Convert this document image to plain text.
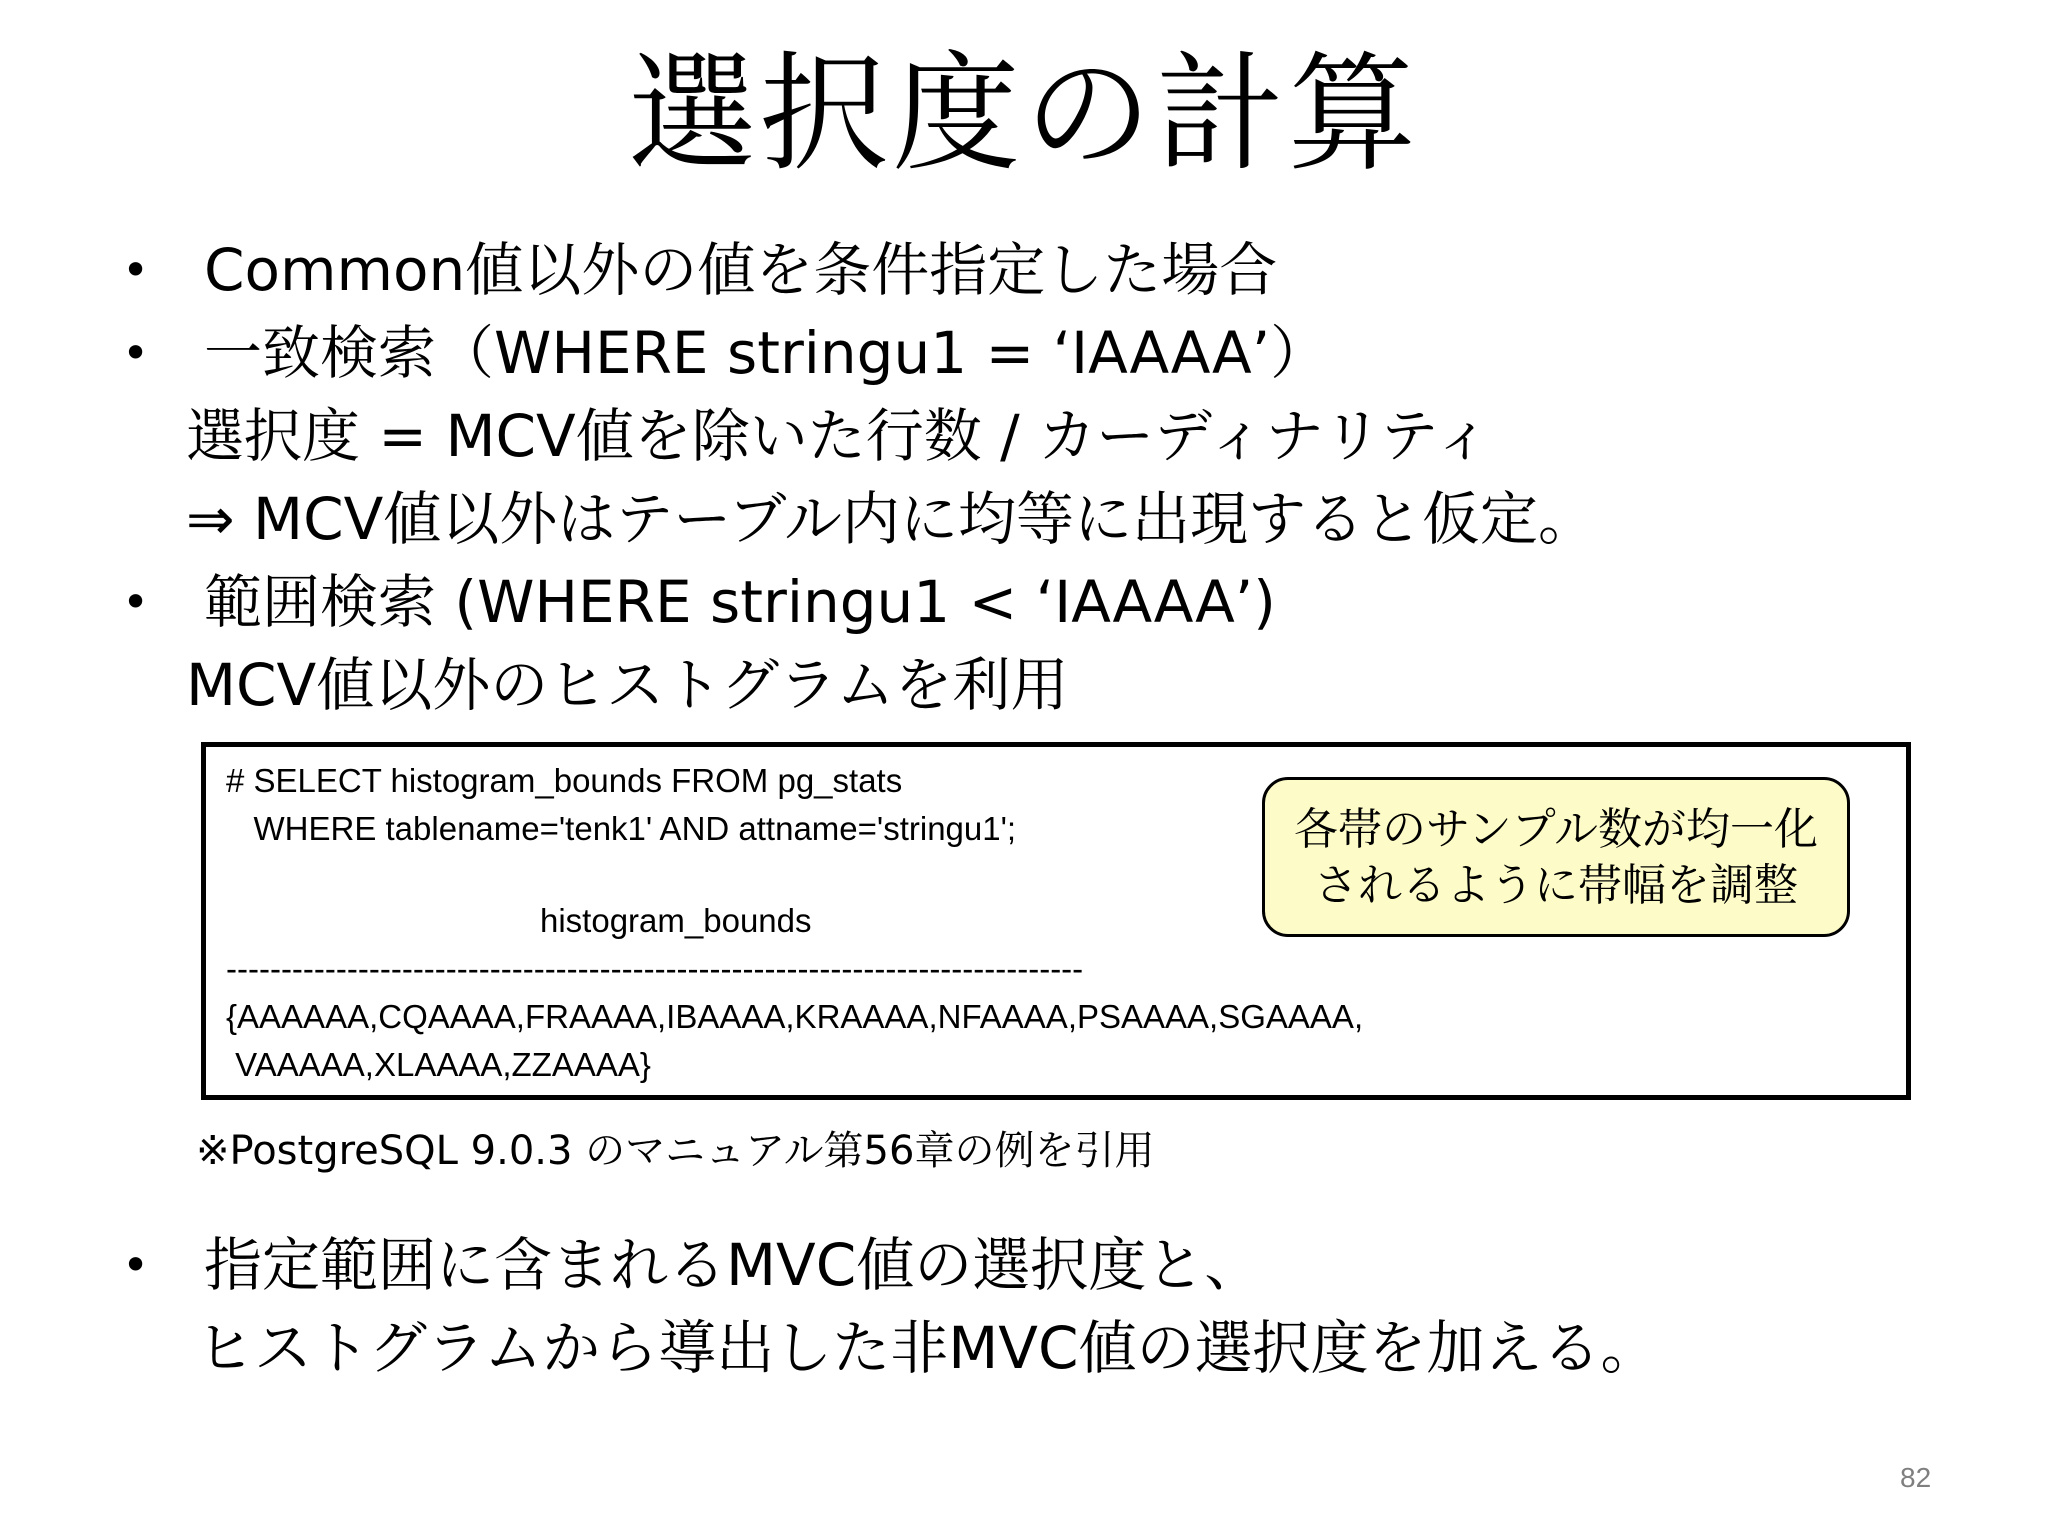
選択度の計算
• Common値以外の値を条件指定した場合
• 一致検索（WHERE stringu1 = ‘IAAAA’）
選択度 = MCV値を除いた行数 / カーディナリティ
⇒ MCV値以外はテーブル内に均等に出現すると仮定。
• 範囲検索 (WHERE stringu1 < ‘IAAAA’)
MCV値以外のヒストグラムを利用
# SELECT histogram_bounds FROM pg_stats
WHERE tablename='tenk1' AND attname='stringu1';
histogram_bounds
------------------------------------------------------------------------------
{AAAAAA,CQAAAA,FRAAAA,IBAAAA,KRAAAA,NFAAAA,PSAAAA,SGAAAA,
VAAAAA,XLAAAA,ZZAAAA}
各帯のサンプル数が均一化
されるように帯幅を調整
※PostgreSQL 9.0.3 のマニュアル第56章の例を引用
• 指定範囲に含まれるMVC値の選択度と、
ヒストグラムから導出した非MVC値の選択度を加える。
82
